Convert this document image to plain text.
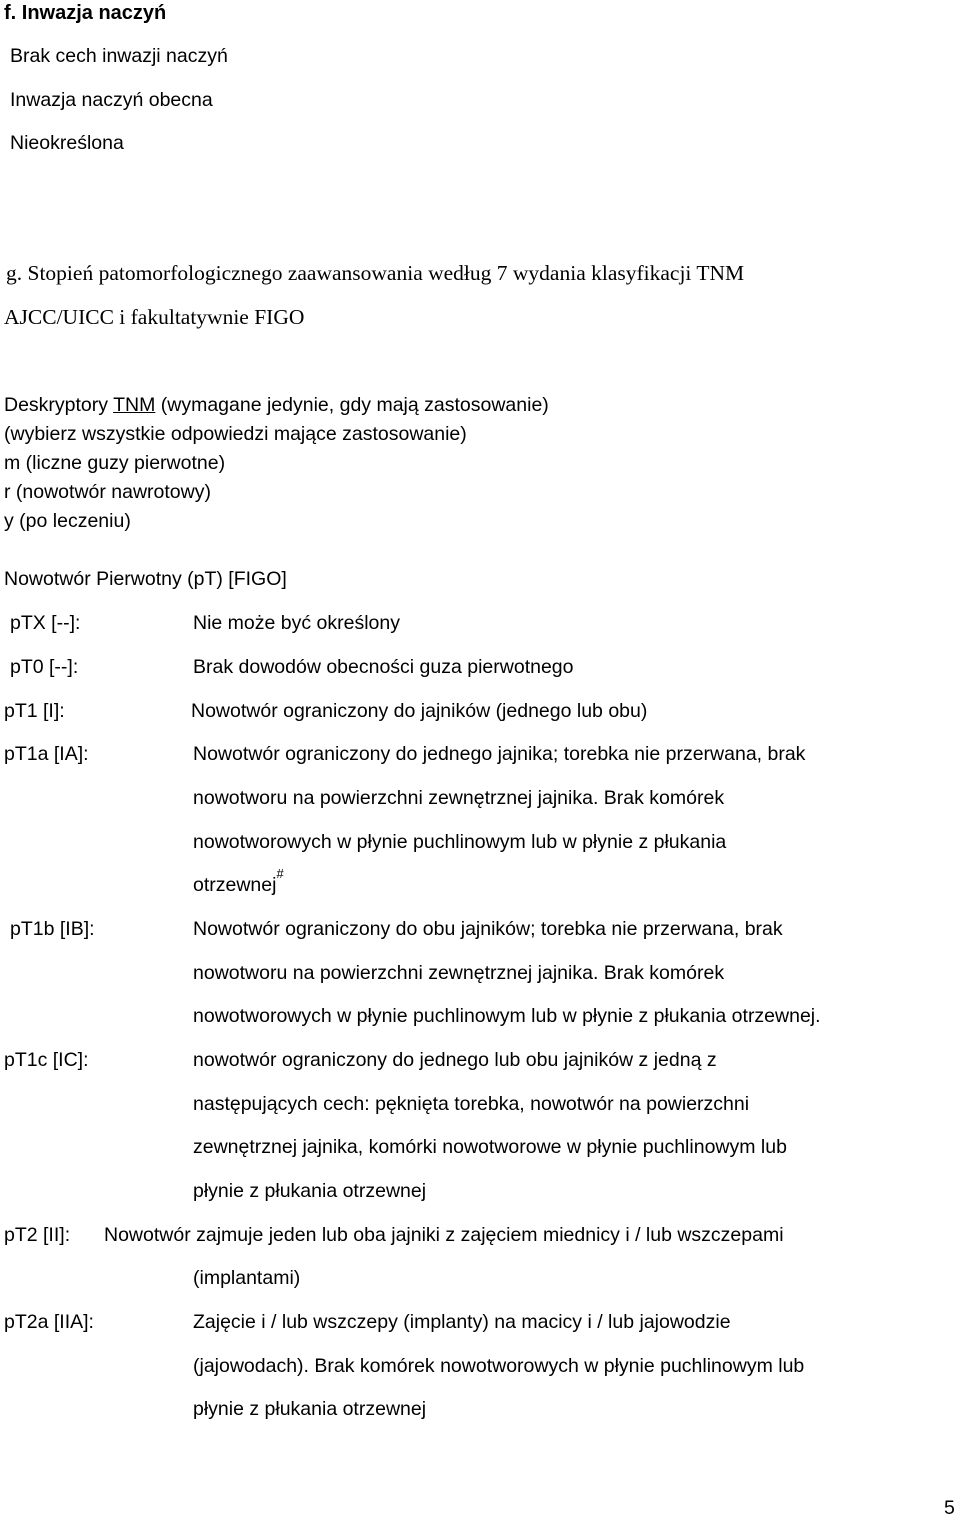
f. Inwazja naczyń
Brak cech inwazji naczyń
Inwazja naczyń obecna
Nieokreślona
g. Stopień patomorfologicznego zaawansowania według 7 wydania klasyfikacji TNM
AJCC/UICC i fakultatywnie FIGO
Deskryptory TNM (wymagane jedynie, gdy mają zastosowanie)
(wybierz wszystkie odpowiedzi mające zastosowanie)
m (liczne guzy pierwotne)
r (nowotwór nawrotowy)
y (po leczeniu)
Nowotwór Pierwotny (pT) [FIGO]
pTX [--]:	Nie może być określony
pT0 [--]:	Brak dowodów obecności guza pierwotnego
pT1 [I]:	Nowotwór ograniczony do jajników (jednego lub obu)
pT1a [IA]:	Nowotwór ograniczony do jednego jajnika; torebka nie przerwana, brak
nowotworu na powierzchni zewnętrznej jajnika. Brak komórek
nowotworowych w płynie puchlinowym lub w płynie z płukania
otrzewnej#
pT1b [IB]:	Nowotwór ograniczony do obu jajników; torebka nie przerwana, brak
nowotworu na powierzchni zewnętrznej jajnika. Brak komórek
nowotworowych w płynie puchlinowym lub w płynie z płukania otrzewnej.
pT1c [IC]:	nowotwór ograniczony do jednego lub obu jajników z jedną z
następujących cech: pęknięta torebka, nowotwór na powierzchni
zewnętrznej jajnika, komórki nowotworowe w płynie puchlinowym lub
płynie z płukania otrzewnej
pT2 [II]: Nowotwór zajmuje jeden lub oba jajniki z zajęciem miednicy i / lub wszczepami
(implantami)
pT2a [IIA]:	Zajęcie i / lub wszczepy (implanty) na macicy i / lub jajowodzie
(jajowodach). Brak komórek nowotworowych w płynie puchlinowym lub
płynie z płukania otrzewnej
5
